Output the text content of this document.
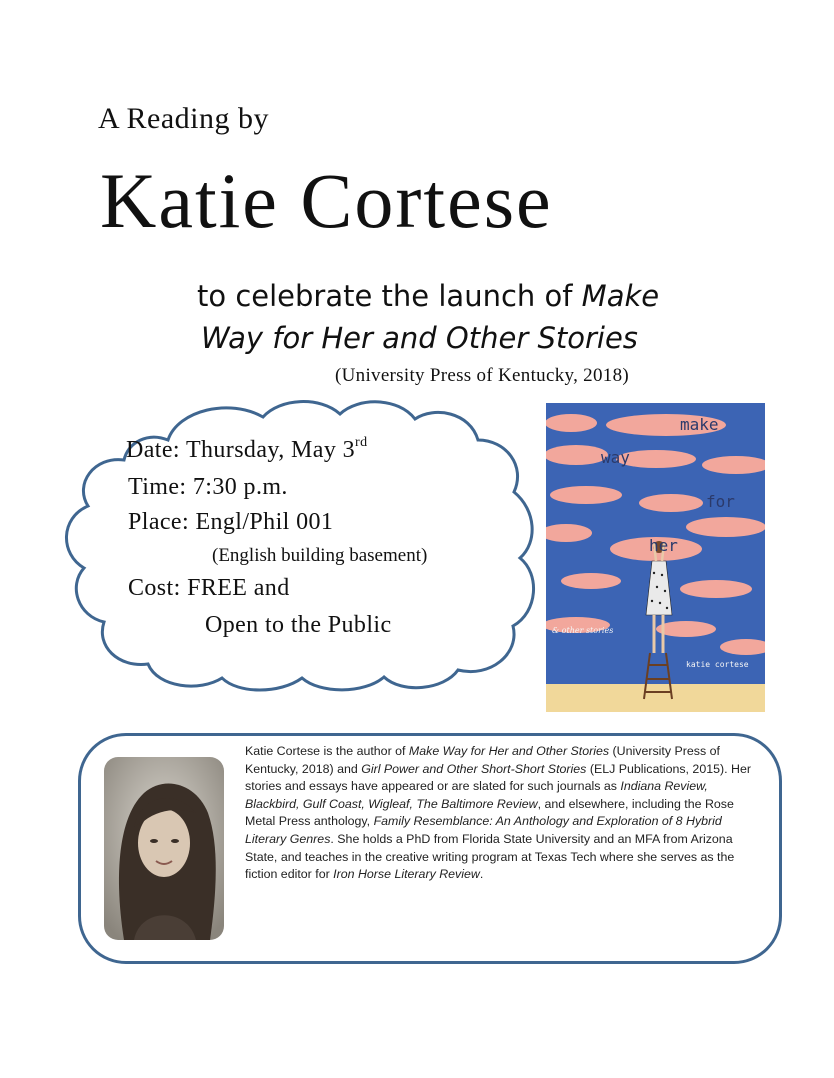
A Reading by
Katie Cortese
to celebrate the launch of Make
Way for Her and Other Stories
(University Press of Kentucky, 2018)
Date: Thursday, May 3rd
Time: 7:30 p.m.
Place: Engl/Phil 001
(English building basement)
Cost: FREE and
Open to the Public
make
way
for
her
& other stories
katie cortese

Katie Cortese is the author of Make Way for Her and Other Stories (University Press of Kentucky, 2018) and Girl Power and Other Short-Short Stories (ELJ Publications, 2015). Her stories and essays have appeared or are slated for such journals as Indiana Review, Blackbird, Gulf Coast, Wigleaf, The Baltimore Review, and elsewhere, including the Rose Metal Press anthology, Family Resemblance: An Anthology and Exploration of 8 Hybrid Literary Genres. She holds a PhD from Florida State University and an MFA from Arizona State, and teaches in the creative writing program at Texas Tech where she serves as the fiction editor for Iron Horse Literary Review.
